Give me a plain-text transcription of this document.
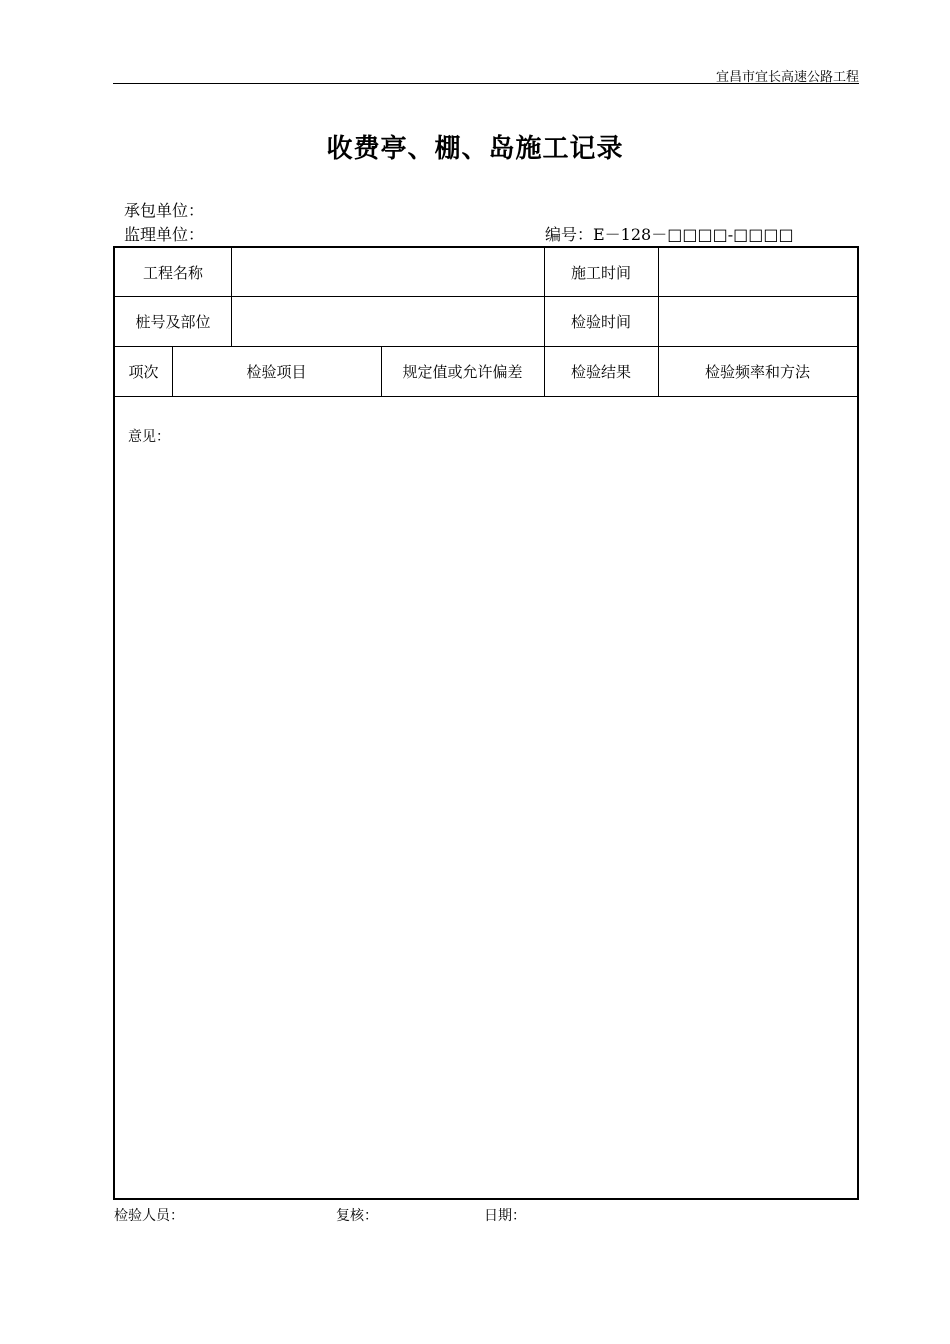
宜昌市宜长高速公路工程
收费亭、棚、岛施工记录
承包单位：
监理单位：	编号：E－128－□□□□-□□□□
工程名称	施工时间
桩号及部位	检验时间
项次	检验项目	规定值或允许偏差	检验结果	检验频率和方法
意见：
检验人员：	复核：	日期：
